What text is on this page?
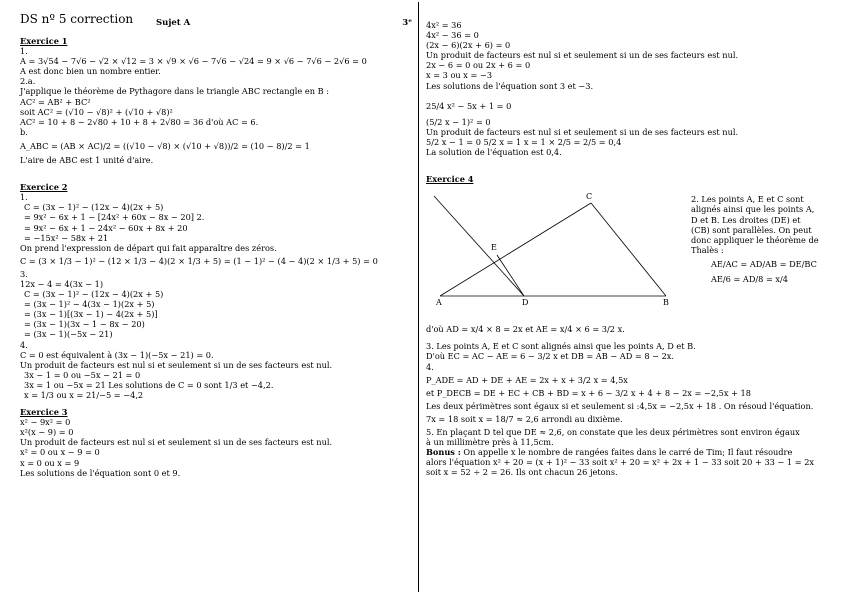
DS nº 5 correction	Sujet A	3ᵉ
Exercice 1
1.
A = 3√54 − 7√6 − √2 × √12 = 3 × √9 × √6 − 7√6 − √24 = 9 × √6 − 7√6 − 2√6 = 0
A est donc bien un nombre entier.
2.a.
J'applique le théorème de Pythagore dans le triangle ABC rectangle en B :
AC² = AB² + BC²
soit AC² = (√10 − √8)² + (√10 + √8)²
AC² = 10 + 8 − 2√80 + 10 + 8 + 2√80 = 36 d'où AC = 6.
b.
A_ABC = (AB × AC)/2 = ((√10 − √8) × (√10 + √8))/2 = (10 − 8)/2 = 1
L'aire de ABC est 1 unité d'aire.
Exercice 2
1.
C = (3x − 1)² − (12x − 4)(2x + 5)
= 9x² − 6x + 1 − [24x² + 60x − 8x − 20] 2.
= 9x² − 6x + 1 − 24x² − 60x + 8x + 20
= −15x² − 58x + 21
On prend l'expression de départ qui fait apparaître des zéros.
C = (3 × 1/3 − 1)² − (12 × 1/3 − 4)(2 × 1/3 + 5) = (1 − 1)² − (4 − 4)(2 × 1/3 + 5) = 0
3.
12x − 4 = 4(3x − 1)
C = (3x − 1)² − (12x − 4)(2x + 5)
= (3x − 1)² − 4(3x − 1)(2x + 5)
= (3x − 1)[(3x − 1) − 4(2x + 5)]
= (3x − 1)(3x − 1 − 8x − 20)
= (3x − 1)(−5x − 21)
4.
C = 0 est équivalent à (3x − 1)(−5x − 21) = 0.
Un produit de facteurs est nul si et seulement si un de ses facteurs est nul.
3x − 1 = 0 ou −5x − 21 = 0
3x = 1 ou −5x = 21 Les solutions de C = 0 sont 1/3 et −4,2.
x = 1/3 ou x = 21/−5 = −4,2
Exercice 3
x² − 9x² = 0
x²(x − 9) = 0
Un produit de facteurs est nul si et seulement si un de ses facteurs est nul.
x² = 0 ou x − 9 = 0
x = 0 ou x = 9
Les solutions de l'équation sont 0 et 9.
4x² = 36
4x² − 36 = 0
(2x − 6)(2x + 6) = 0
Un produit de facteurs est nul si et seulement si un de ses facteurs est nul.
2x − 6 = 0 ou 2x + 6 = 0
x = 3 ou x = −3
Les solutions de l'équation sont 3 et −3.
25/4 x² − 5x + 1 = 0
(5/2 x − 1)² = 0
Un produit de facteurs est nul si et seulement si un de ses facteurs est nul.
5/2 x − 1 = 0 5/2 x = 1 x = 1 × 2/5 = 2/5 = 0,4
La solution de l'équation est 0,4.
Exercice 4
A	B
C
D
E
2. Les points A, E et C sont
alignés ainsi que les points A,
D et B. Les droites (DE) et
(CB) sont parallèles. On peut
donc appliquer le théorème de
Thalès :
AE/AC = AD/AB = DE/BC
AE/6 = AD/8 = x/4
d'où AD = x/4 × 8 = 2x et AE = x/4 × 6 = 3/2 x.
3. Les points A, E et C sont alignés ainsi que les points A, D et B.
D'où EC = AC − AE = 6 − 3/2 x et DB = AB − AD = 8 − 2x.
4.
P_ADE = AD + DE + AE = 2x + x + 3/2 x = 4,5x
et P_DECB = DE + EC + CB + BD = x + 6 − 3/2 x + 4 + 8 − 2x = −2,5x + 18
Les deux périmètres sont égaux si et seulement si :4,5x = −2,5x + 18 . On résoud l'équation.
7x = 18 soit x = 18/7 ≈ 2,6 arrondi au dixième.
5. En plaçant D tel que DE ≈ 2,6, on constate que les deux périmètres sont environ égaux
à un millimètre près à 11,5cm.
Bonus : On appelle x le nombre de rangées faites dans le carré de Tim; Il faut résoudre
alors l'équation x² + 20 = (x + 1)² − 33 soit x² + 20 = x² + 2x + 1 − 33 soit 20 + 33 − 1 = 2x
soit x = 52 ÷ 2 = 26. Ils ont chacun 26 jetons.
